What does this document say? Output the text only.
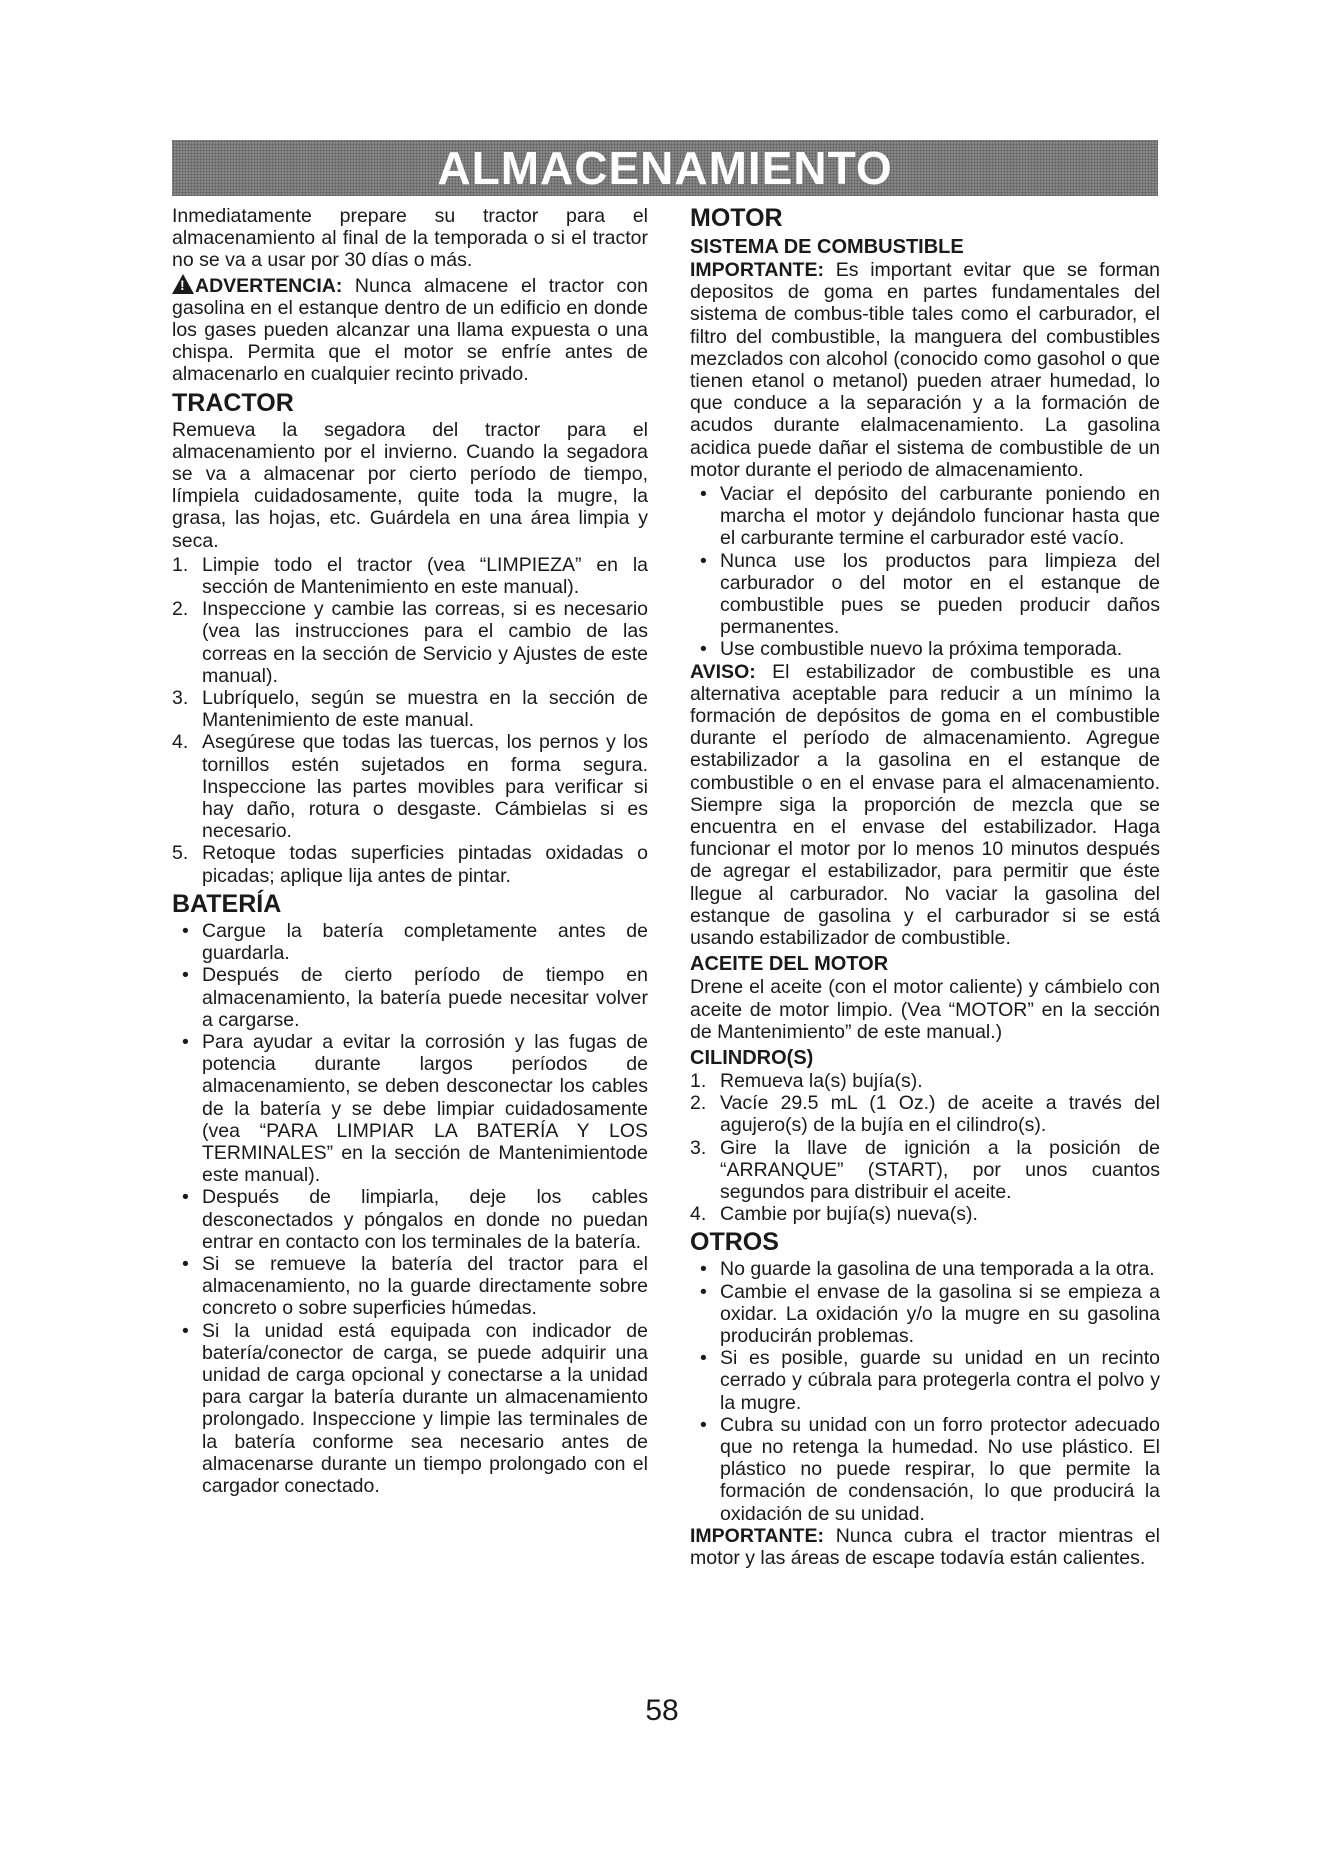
ALMACENAMIENTO

Inmediatamente prepare su tractor para el almacenamiento al final de la temporada o si el tractor no se va a usar por 30 días o más.

!ADVERTENCIA: Nunca almacene el tractor con gasolina en el estanque dentro de un edificio en donde los gases pueden alcanzar una llama expuesta o una chispa. Permita que el motor se enfríe antes de almacenarlo en cualquier recinto privado.

TRACTOR

Remueva la segadora del tractor para el almacenamiento por el invierno. Cuando la segadora se va a almacenar por cierto período de tiempo, límpiela cuidadosamente, quite toda la mugre, la grasa, las hojas, etc. Guárdela en una área limpia y seca.

1. Limpie todo el tractor (vea “LIMPIEZA” en la sección de Mantenimiento en este manual).
2. Inspeccione y cambie las correas, si es necesario (vea las instrucciones para el cambio de las correas en la sección de Servicio y Ajustes de este manual).
3. Lubríquelo, según se muestra en la sección de Mantenimiento de este manual.
4. Asegúrese que todas las tuercas, los pernos y los tornillos estén sujetados en forma segura. Inspeccione las partes movibles para verificar si hay daño, rotura o desgaste. Cámbielas si es necesario.
5. Retoque todas superficies pintadas oxidadas o picadas; aplique lija antes de pintar.
BATERÍA
• Cargue la batería completamente antes de guardarla.
• Después de cierto período de tiempo en almacenamiento, la batería puede necesitar volver a cargarse.
• Para ayudar a evitar la corrosión y las fugas de potencia durante largos períodos de almacenamiento, se deben desconectar los cables de la batería y se debe limpiar cuidadosamente (vea “PARA LIMPIAR LA BATERÍA Y LOS TERMINALES” en la sección de Mantenimientode este manual).
• Después de limpiarla, deje los cables desconectados y póngalos en donde no puedan entrar en contacto con los terminales de la batería.
• Si se remueve la batería del tractor para el almacenamiento, no la guarde directamente sobre concreto o sobre superficies húmedas.
• Si la unidad está equipada con indicador de batería/conector de carga, se puede adquirir una unidad de carga opcional y conectarse a la unidad para cargar la batería durante un almacenamiento prolongado. Inspeccione y limpie las terminales de la batería conforme sea necesario antes de almacenarse durante un tiempo prolongado con el cargador conectado.
MOTOR
SISTEMA DE COMBUSTIBLE

IMPORTANTE: Es important evitar que se forman depositos de goma en partes fundamentales del sistema de combus-tible tales como el carburador, el filtro del combustible, la manguera del combustibles mezclados con alcohol (conocido como gasohol o que tienen etanol o metanol) pueden atraer humedad, lo que conduce a la separación y a la formación de acudos durante elalmacenamiento. La gasolina acidica puede dañar el sistema de combustible de un motor durante el periodo de almacenamiento.

• Vaciar el depósito del carburante poniendo en marcha el motor y dejándolo funcionar hasta que el carburante termine el carburador esté vacío.
• Nunca use los productos para limpieza del carburador o del motor en el estanque de combustible pues se pueden producir daños permanentes.
• Use combustible nuevo la próxima temporada.

AVISO: El estabilizador de combustible es una alternativa aceptable para reducir a un mínimo la formación de depósitos de goma en el combustible durante el período de almacenamiento. Agregue estabilizador a la gasolina en el estanque de combustible o en el envase para el almacenamiento. Siempre siga la proporción de mezcla que se encuentra en el envase del estabilizador. Haga funcionar el motor por lo menos 10 minutos después de agregar el estabilizador, para permitir que éste llegue al carburador. No vaciar la gasolina del estanque de gasolina y el carburador si se está usando estabilizador de combustible.

ACEITE DEL MOTOR

Drene el aceite (con el motor caliente) y cámbielo con aceite de motor limpio. (Vea “MOTOR” en la sección de Mantenimiento” de este manual.)

CILINDRO(S)
1. Remueva la(s) bujía(s).
2. Vacíe 29.5 mL (1 Oz.) de aceite a través del agujero(s) de la bujía en el cilindro(s).
3. Gire la llave de ignición a la posición de “ARRANQUE” (START), por unos cuantos segundos para distribuir el aceite.
4. Cambie por bujía(s) nueva(s).
OTROS
• No guarde la gasolina de una temporada a la otra.
• Cambie el envase de la gasolina si se empieza a oxidar. La oxidación y/o la mugre en su gasolina producirán problemas.
• Si es posible, guarde su unidad en un recinto cerrado y cúbrala para protegerla contra el polvo y la mugre.
• Cubra su unidad con un forro protector adecuado que no retenga la humedad. No use plástico. El plástico no puede respirar, lo que permite la formación de condensación, lo que producirá la oxidación de su unidad.

IMPORTANTE: Nunca cubra el tractor mientras el motor y las áreas de escape todavía están calientes.

58
